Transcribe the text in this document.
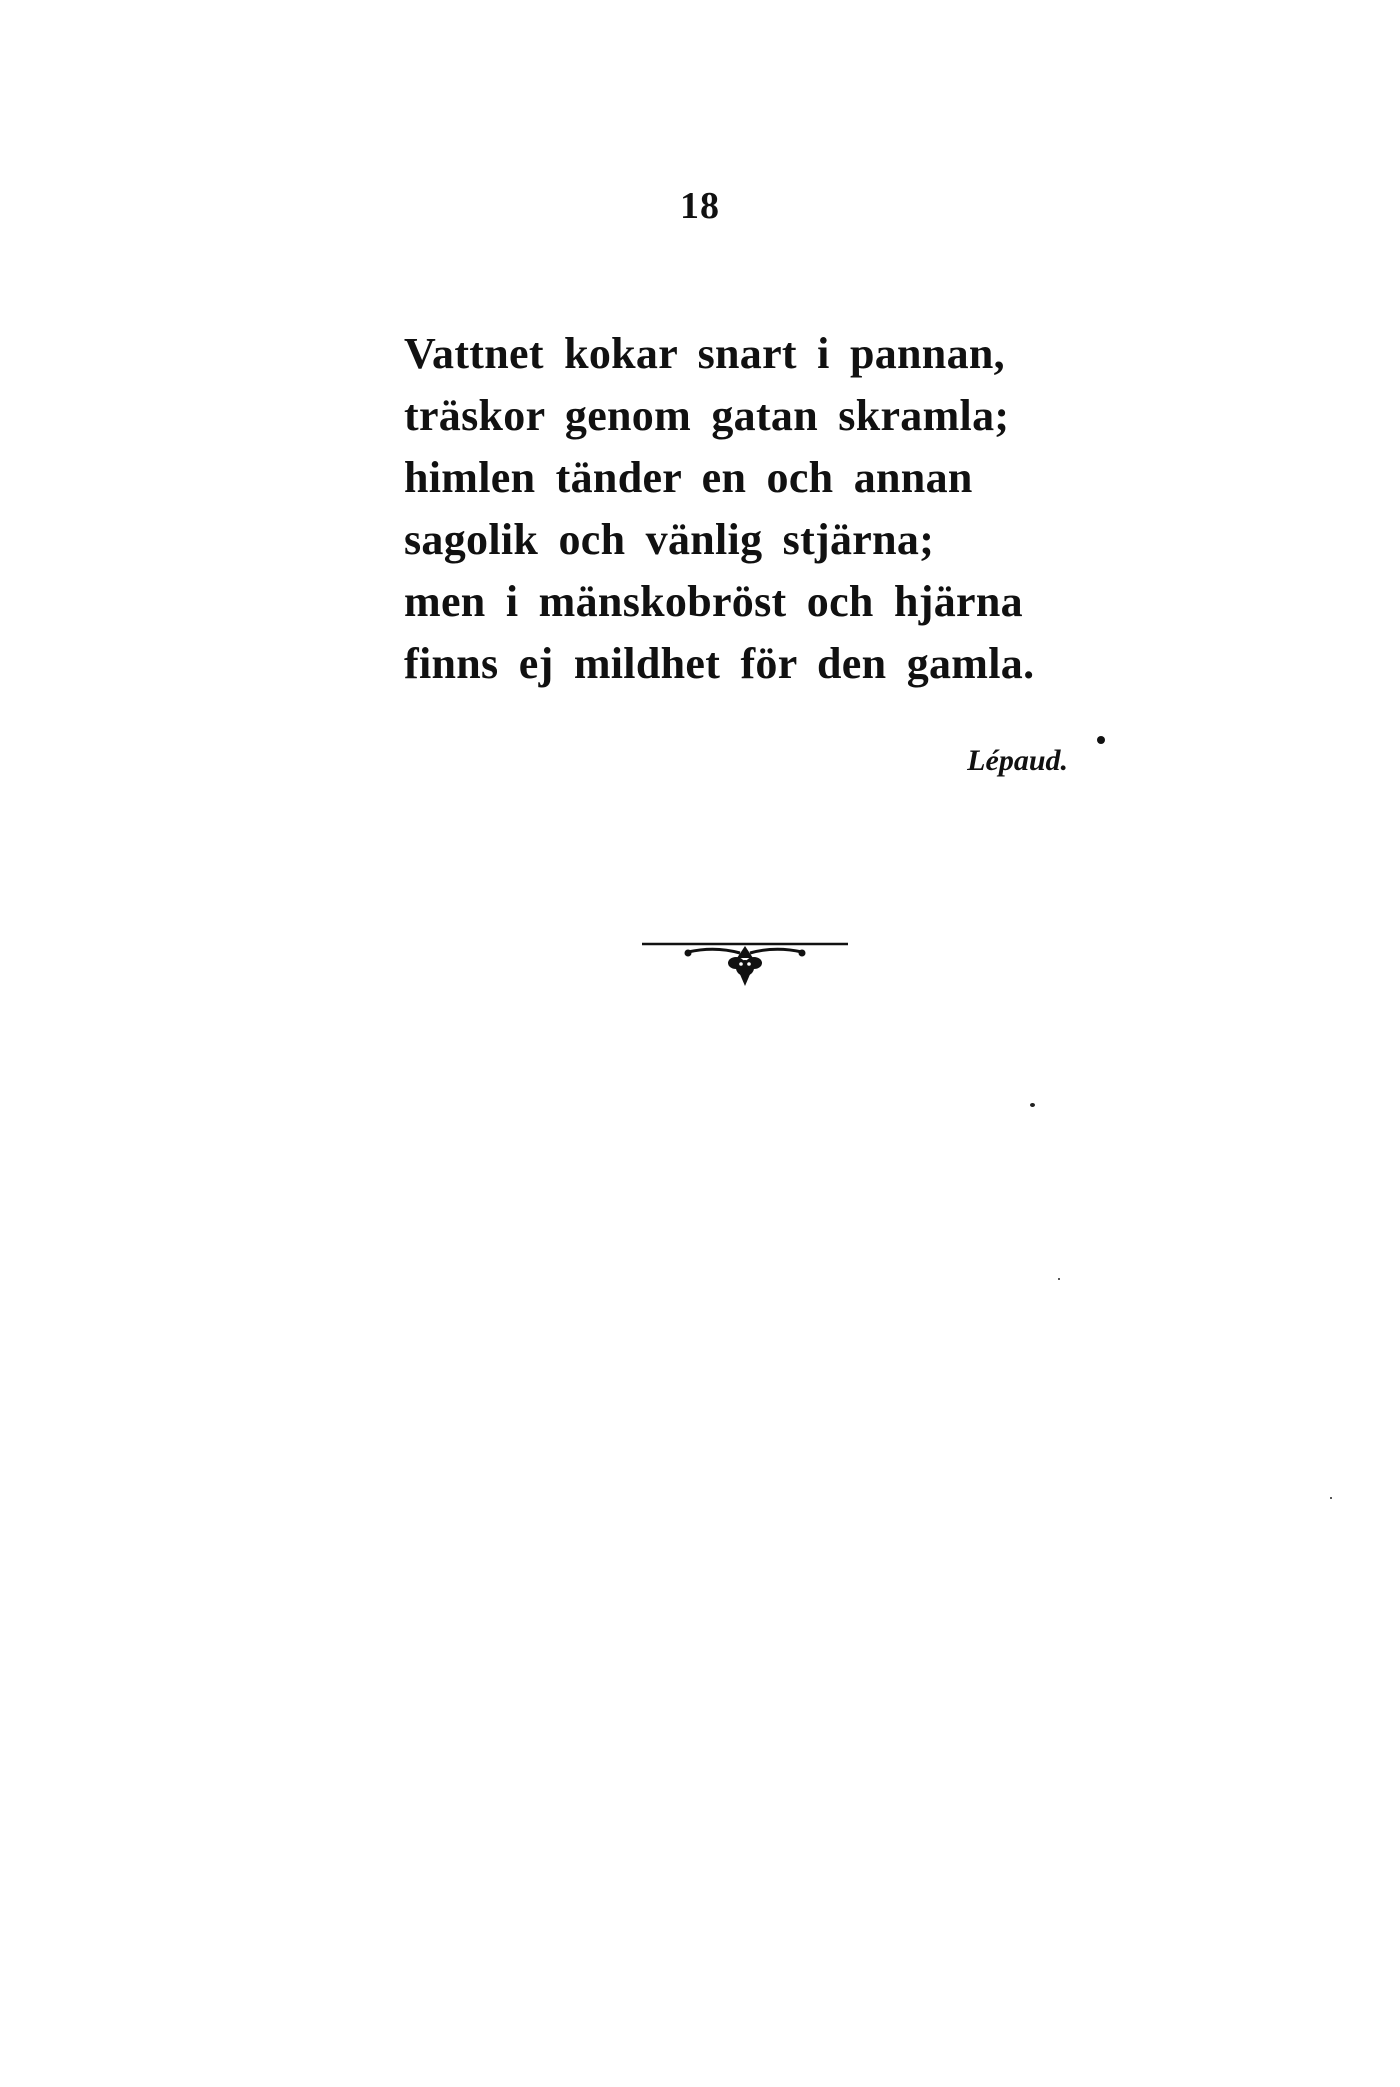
18
Vattnet kokar snart i pannan,
träskor genom gatan skramla;
himlen tänder en och annan
sagolik och vänlig stjärna;
men i mänskobröst och hjärna
finns ej mildhet för den gamla.
Lépaud.
